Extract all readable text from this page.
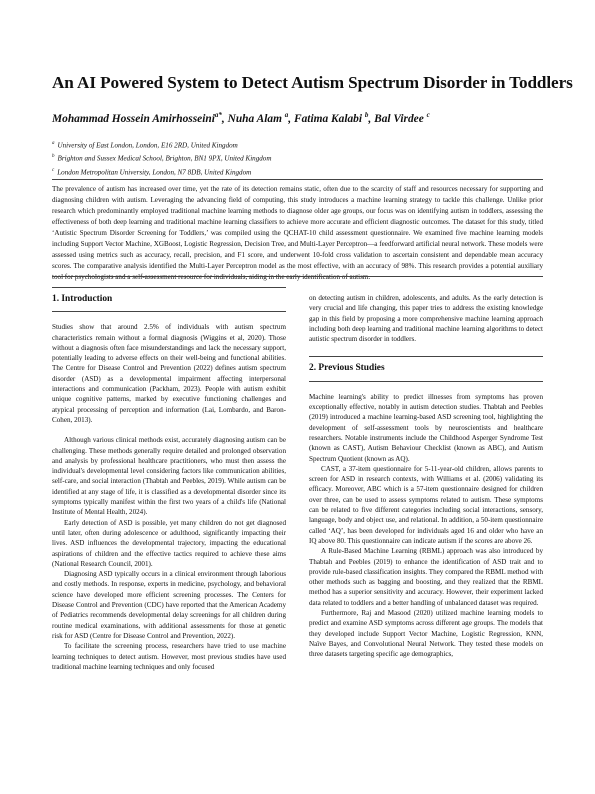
An AI Powered System to Detect Autism Spectrum Disorder in Toddlers
Mohammad Hossein Amirhosseini$^{a*}$, Nuha Alam $^a$, Fatima Kalabi $^b$, Bal Virdee $^c$
$^a$ University of East London, London, E16 2RD, United Kingdom
$^b$ Brighton and Sussex Medical School, Brighton, BN1 9PX, United Kingdom
$^c$ London Metropolitan University, London, N7 8DB, United Kingdom

The prevalence of autism has increased over time, yet the rate of its detection remains static, often due to the scarcity of staff and resources necessary for supporting and diagnosing children with autism. Leveraging the advancing field of computing, this study introduces a machine learning strategy to tackle this challenge. Unlike prior research which predominantly employed traditional machine learning methods to diagnose older age groups, our focus was on identifying autism in toddlers, assessing the effectiveness of both deep learning and traditional machine learning classifiers to achieve more accurate and efficient diagnostic outcomes. The dataset for this study, titled ‘Autistic Spectrum Disorder Screening for Toddlers,’ was compiled using the QCHAT-10 child assessment questionnaire. We examined five machine learning models including Support Vector Machine, XGBoost, Logistic Regression, Decision Tree, and Multi-Layer Perceptron—a feedforward artificial neural network. These models were assessed using metrics such as accuracy, recall, precision, and F1 score, and underwent 10-fold cross validation to ascertain consistent and dependable mean accuracy scores. The comparative analysis identified the Multi-Layer Perceptron model as the most effective, with an accuracy of 98%. This research provides a potential auxiliary tool for psychologists and a self-assessment resource for individuals, aiding in the early identification of autism.

1. Introduction

Studies show that around 2.5% of individuals with autism spectrum characteristics remain without a formal diagnosis (Wiggins et al, 2020). Those without a diagnosis often face misunderstandings and lack the necessary support, potentially leading to adverse effects on their well-being and functional abilities. The Centre for Disease Control and Prevention (2022) defines autism spectrum disorder (ASD) as a developmental impairment affecting interpersonal interactions and communication (Packham, 2023). People with autism exhibit unique cognitive patterns, marked by executive functioning challenges and atypical processing of perception and information (Lai, Lombardo, and Baron-Cohen, 2013).

Although various clinical methods exist, accurately diagnosing autism can be challenging. These methods generally require detailed and prolonged observation and analysis by professional healthcare practitioners, who must then assess the individual's developmental level considering factors like communication abilities, self-care, and social interaction (Thabtah and Peebles, 2019). While autism can be identified at any stage of life, it is classified as a developmental disorder since its symptoms typically manifest within the first two years of a child's life (National Institute of Mental Health, 2024).

Early detection of ASD is possible, yet many children do not get diagnosed until later, often during adolescence or adulthood, significantly impacting their lives. ASD influences the developmental trajectory, impacting the educational aspirations of children and the effective tactics required to achieve these aims (National Research Council, 2001).

Diagnosing ASD typically occurs in a clinical environment through laborious and costly methods. In response, experts in medicine, psychology, and behavioral science have developed more efficient screening processes. The Centers for Disease Control and Prevention (CDC) have reported that the American Academy of Pediatrics recommends developmental delay screenings for all children during routine medical examinations, with additional assessments for those at genetic risk for ASD (Centre for Disease Control and Prevention, 2022).

To facilitate the screening process, researchers have tried to use machine learning techniques to detect autism. However, most previous studies have used traditional machine learning techniques and only focused

on detecting autism in children, adolescents, and adults. As the early detection is very crucial and life changing, this paper tries to address the existing knowledge gap in this field by proposing a more comprehensive machine learning approach including both deep learning and traditional machine learning algorithms to detect autistic spectrum disorder in toddlers.

2. Previous Studies

Machine learning's ability to predict illnesses from symptoms has proven exceptionally effective, notably in autism detection studies. Thabtah and Peebles (2019) introduced a machine learning-based ASD screening tool, highlighting the development of self-assessment tools by neuroscientists and healthcare researchers. Notable instruments include the Childhood Asperger Syndrome Test (known as CAST), Autism Behaviour Checklist (known as ABC), and Autism Spectrum Quotient (known as AQ).

CAST, a 37-item questionnaire for 5-11-year-old children, allows parents to screen for ASD in research contexts, with Williams et al. (2006) validating its efficacy. Moreover, ABC which is a 57-item questionnaire designed for children over three, can be used to assess symptoms related to autism. These symptoms can be related to five different categories including social interactions, sensory, language, body and object use, and relational. In addition, a 50-item questionnaire called ‘AQ’, has been developed for individuals aged 16 and older who have an IQ above 80. This questionnaire can indicate autism if the scores are above 26.

A Rule-Based Machine Learning (RBML) approach was also introduced by Thabtah and Peebles (2019) to enhance the identification of ASD trait and to provide rule-based classification insights. They compared the RBML method with other methods such as bagging and boosting, and they realized that the RBML method has a superior sensitivity and accuracy. However, their experiment lacked data related to toddlers and a better handling of unbalanced dataset was required.

Furthermore, Raj and Masood (2020) utilized machine learning models to predict and examine ASD symptoms across different age groups. The models that they developed include Support Vector Machine, Logistic Regression, KNN, Naïve Bayes, and Convolutional Neural Network. They tested these models on three datasets targeting specific age demographics,
